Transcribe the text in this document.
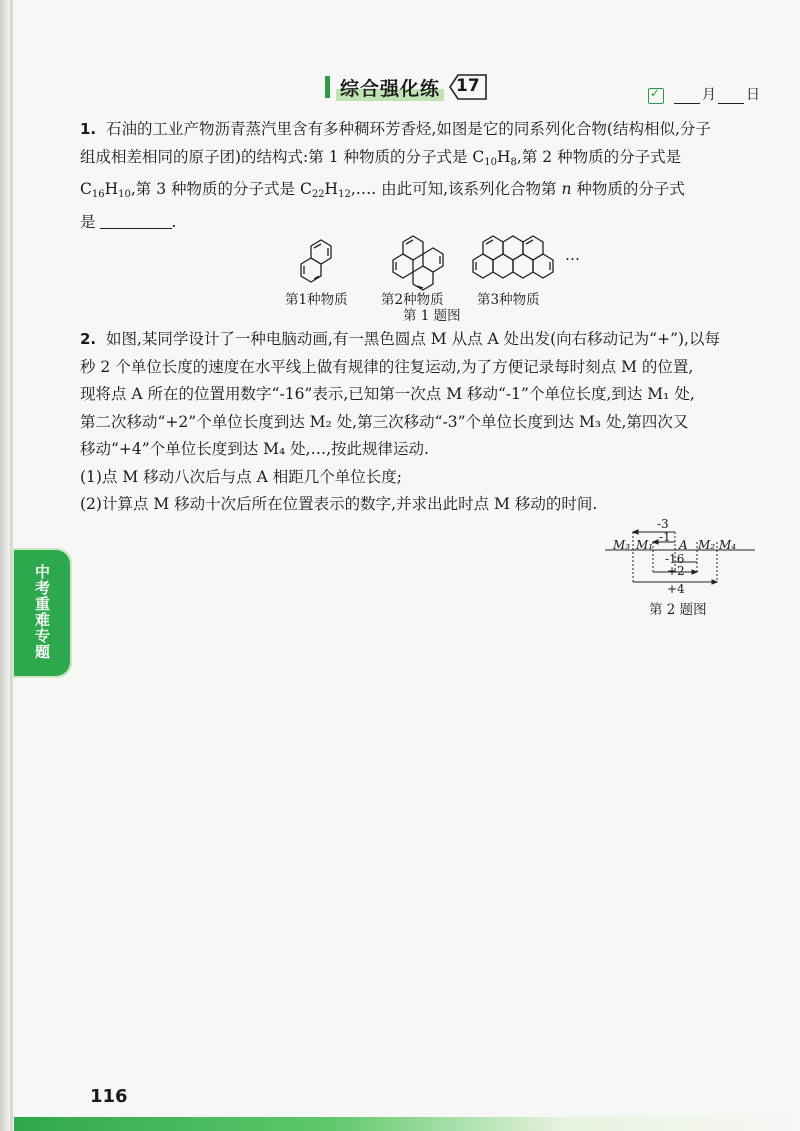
综合强化练 17
✓	月 日
1. 石油的工业产物沥青蒸汽里含有多种稠环芳香烃,如图是它的同系列化合物(结构相似,分子
组成相差相同的原子团)的结构式:第 1 种物质的分子式是 $C_{10}H_8$,第 2 种物质的分子式是
$C_{16}H_{10}$,第 3 种物质的分子式是 $C_{22}H_{12},\dots$. 由此可知,该系列化合物第 n 种物质的分子式
是	.
…
第1种物质 第2种物质 第3种物质
第 1 题图
2. 如图,某同学设计了一种电脑动画,有一黑色圆点 M 从点 A 处出发(向右移动记为“+”),以每
秒 2 个单位长度的速度在水平线上做有规律的往复运动,为了方便记录每时刻点 M 的位置,
现将点 A 所在的位置用数字“-16”表示,已知第一次点 M 移动“-1”个单位长度,到达 M₁ 处,
第二次移动“+2”个单位长度到达 M₂ 处,第三次移动“-3”个单位长度到达 M₃ 处,第四次又
移动“+4”个单位长度到达 M₄ 处,…,按此规律运动.
(1)点 M 移动八次后与点 A 相距几个单位长度;
(2)计算点 M 移动十次后所在位置表示的数字,并求出此时点 M 移动的时间.
-3
-1
M₃ M₁ A M₂ M₄
-16
+2
+4
第 2 题图
中考重难专题
116
